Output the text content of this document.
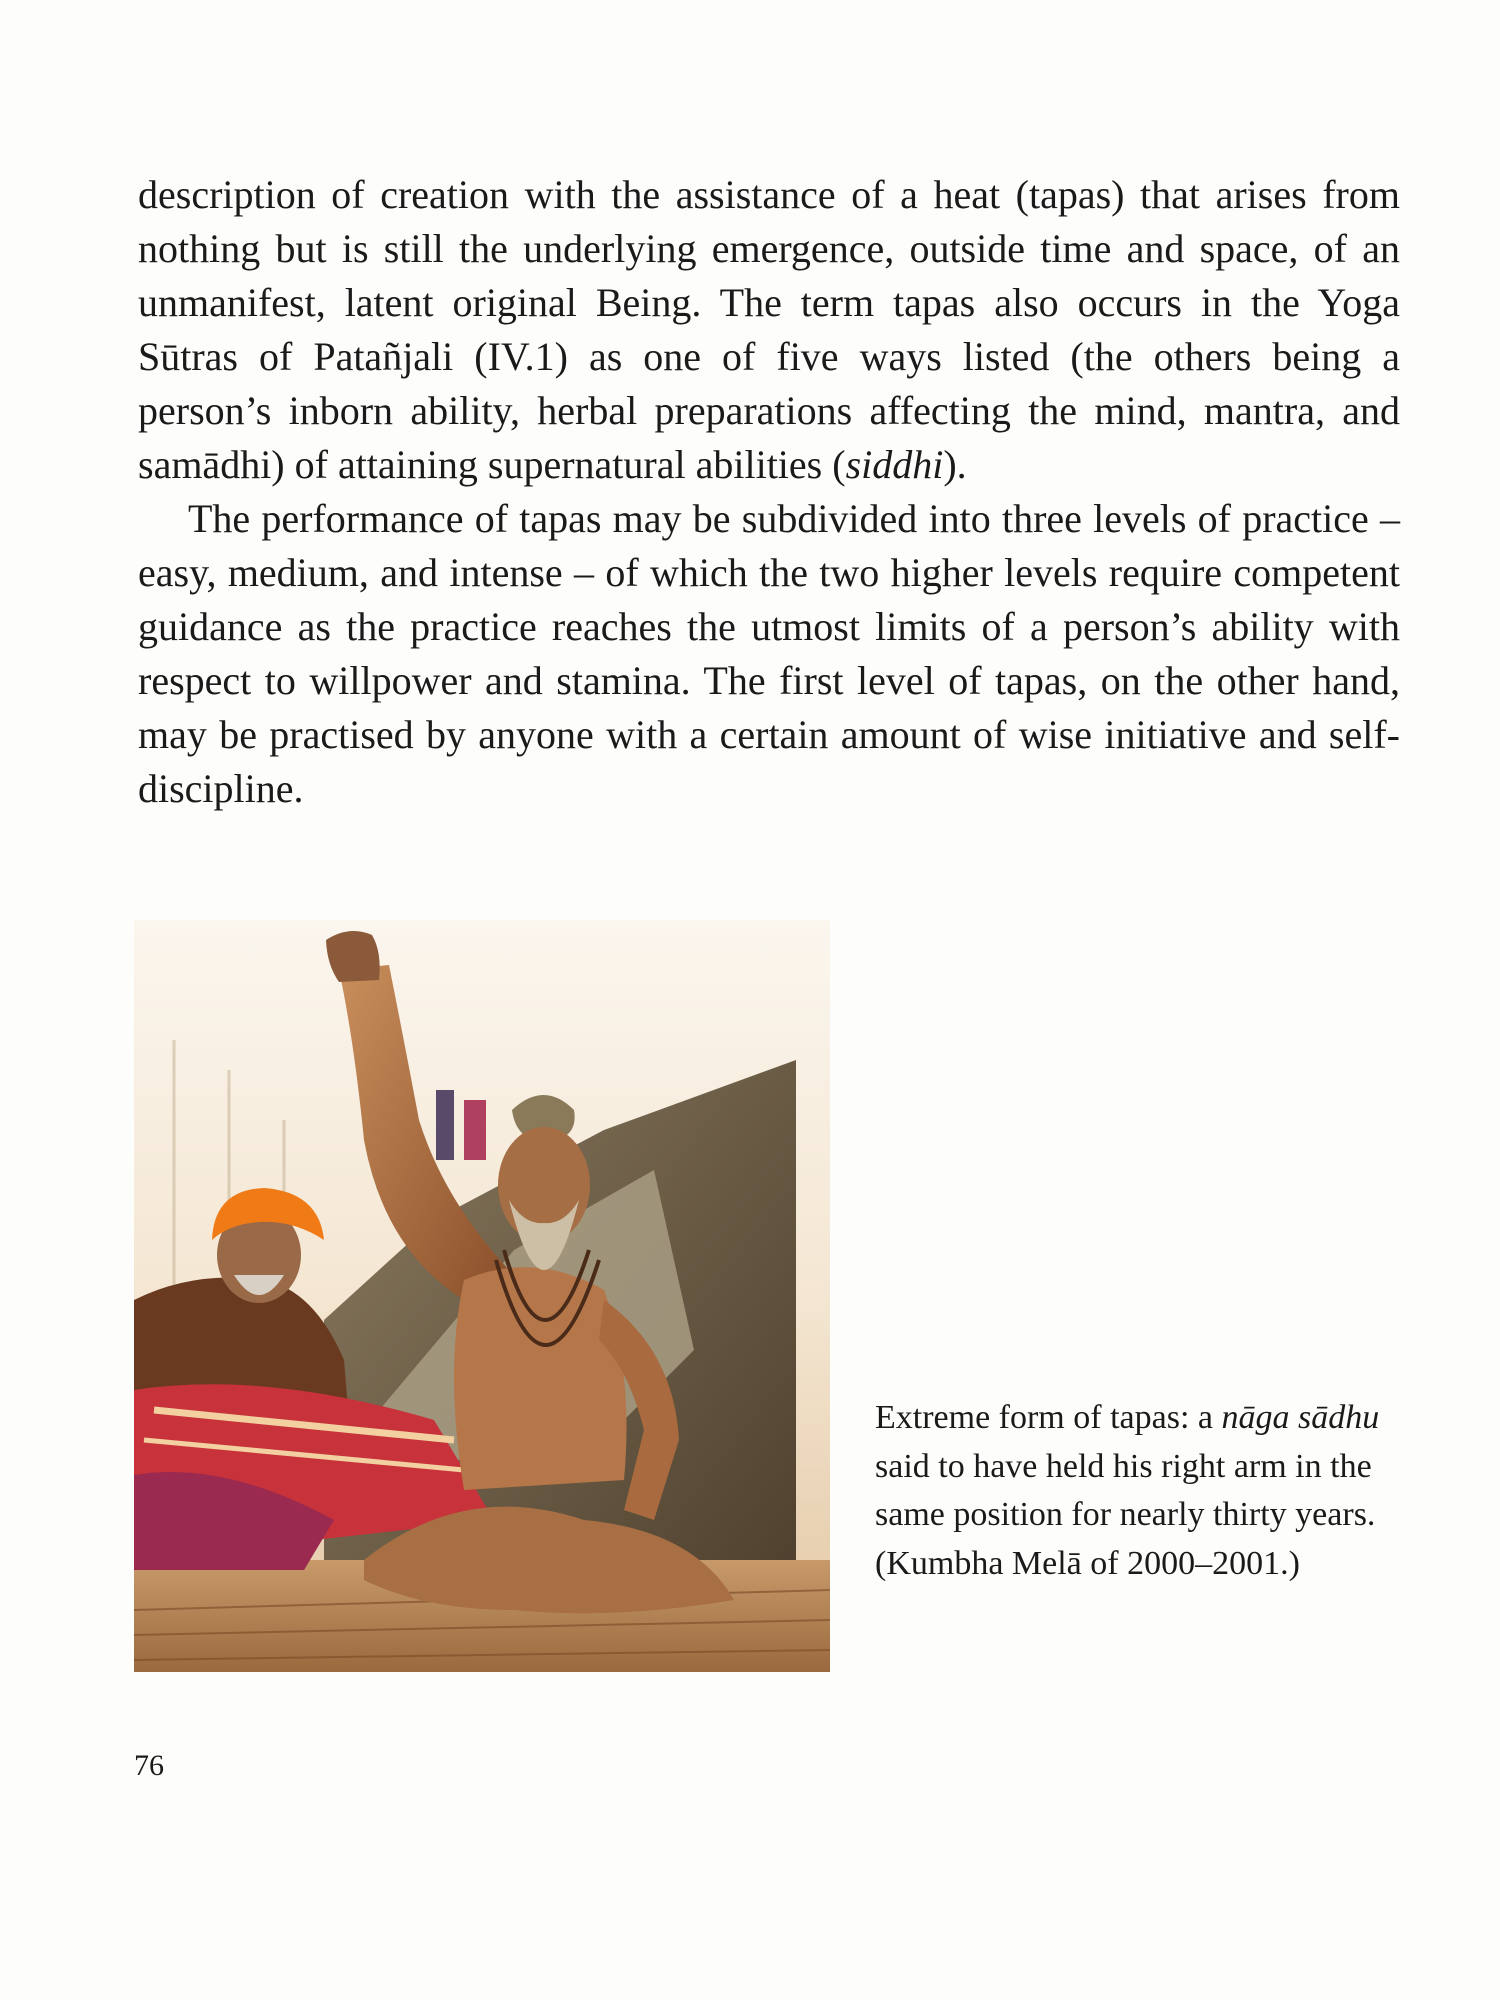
description of creation with the assistance of a heat (tapas) that arises from nothing but is still the underlying emergence, outside time and space, of an unmanifest, latent original Being. The term tapas also occurs in the Yoga Sūtras of Patañjali (IV.1) as one of five ways listed (the others being a person’s inborn ability, herbal preparations affecting the mind, mantra, and samādhi) of attaining supernatural abilities (siddhi).

The performance of tapas may be subdivided into three levels of practice – easy, medium, and intense – of which the two higher levels require competent guidance as the practice reaches the utmost limits of a person’s ability with respect to willpower and stamina. The first level of tapas, on the other hand, may be practised by anyone with a certain amount of wise initiative and self-discipline.

Extreme form of tapas: a nāga sādhu said to have held his right arm in the same position for nearly thirty years. (Kumbha Melā of 2000–2001.)

76
